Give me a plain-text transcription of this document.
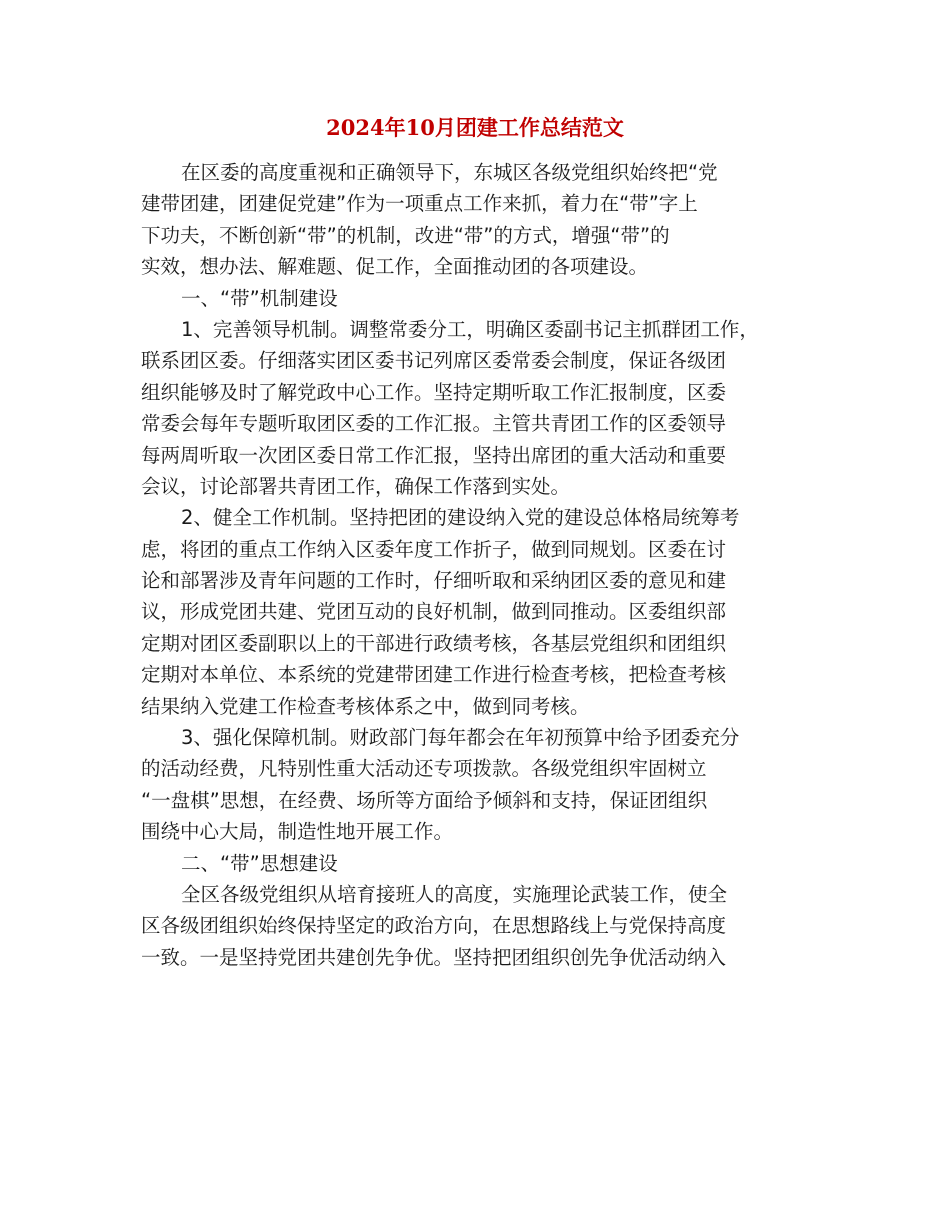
2024年10月团建工作总结范文
在区委的高度重视和正确领导下，东城区各级党组织始终把“党
建带团建，团建促党建”作为一项重点工作来抓，着力在“带”字上
下功夫，不断创新“带”的机制，改进“带”的方式，增强“带”的
实效，想办法、解难题、促工作，全面推动团的各项建设。
一、“带”机制建设
1、完善领导机制。调整常委分工，明确区委副书记主抓群团工作，
联系团区委。仔细落实团区委书记列席区委常委会制度，保证各级团
组织能够及时了解党政中心工作。坚持定期听取工作汇报制度，区委
常委会每年专题听取团区委的工作汇报。主管共青团工作的区委领导
每两周听取一次团区委日常工作汇报，坚持出席团的重大活动和重要
会议，讨论部署共青团工作，确保工作落到实处。
2、健全工作机制。坚持把团的建设纳入党的建设总体格局统筹考
虑，将团的重点工作纳入区委年度工作折子，做到同规划。区委在讨
论和部署涉及青年问题的工作时，仔细听取和采纳团区委的意见和建
议，形成党团共建、党团互动的良好机制，做到同推动。区委组织部
定期对团区委副职以上的干部进行政绩考核，各基层党组织和团组织
定期对本单位、本系统的党建带团建工作进行检查考核，把检查考核
结果纳入党建工作检查考核体系之中，做到同考核。
3、强化保障机制。财政部门每年都会在年初预算中给予团委充分
的活动经费，凡特别性重大活动还专项拨款。各级党组织牢固树立
“一盘棋”思想，在经费、场所等方面给予倾斜和支持，保证团组织
围绕中心大局，制造性地开展工作。
二、“带”思想建设
全区各级党组织从培育接班人的高度，实施理论武装工作，使全
区各级团组织始终保持坚定的政治方向，在思想路线上与党保持高度
一致。一是坚持党团共建创先争优。坚持把团组织创先争优活动纳入
